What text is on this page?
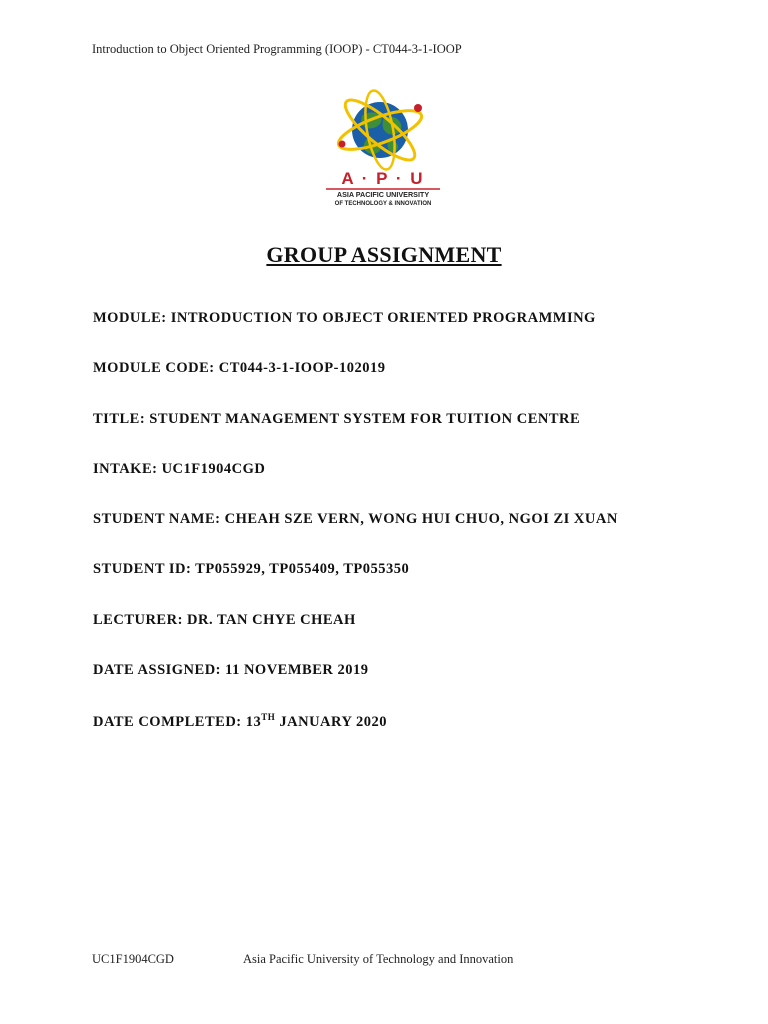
Introduction to Object Oriented Programming (IOOP) - CT044-3-1-IOOP
A · P · U
ASIA PACIFIC UNIVERSITY
OF TECHNOLOGY & INNOVATION
GROUP ASSIGNMENT
MODULE: INTRODUCTION TO OBJECT ORIENTED PROGRAMMING
MODULE CODE: CT044-3-1-IOOP-102019
TITLE: STUDENT MANAGEMENT SYSTEM FOR TUITION CENTRE
INTAKE: UC1F1904CGD
STUDENT NAME: CHEAH SZE VERN, WONG HUI CHUO, NGOI ZI XUAN
STUDENT ID: TP055929, TP055409, TP055350
LECTURER: DR. TAN CHYE CHEAH
DATE ASSIGNED: 11 NOVEMBER 2019
DATE COMPLETED: 13TH JANUARY 2020
UC1F1904CGD	Asia Pacific University of Technology and Innovation
